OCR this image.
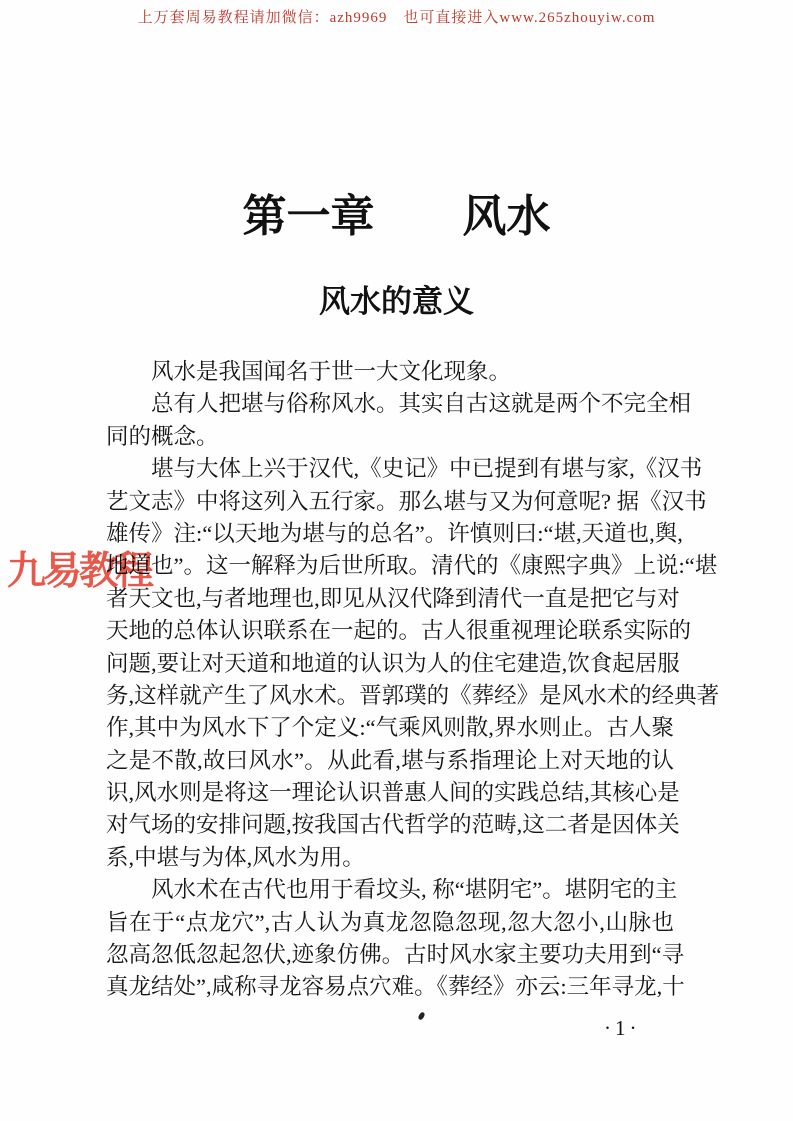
上万套周易教程请加微信：azh9969　也可直接进入www.265zhouyiw.com
第一章　　风水
风水的意义
风水是我国闻名于世一大文化现象。
总有人把堪与俗称风水。其实自古这就是两个不完全相
同的概念。
堪与大体上兴于汉代,《史记》中已提到有堪与家,《汉书
艺文志》中将这列入五行家。那么堪与又为何意呢? 据《汉书
雄传》注:“以天地为堪与的总名”。许慎则曰:“堪,天道也,舆,
地道也”。这一解释为后世所取。清代的《康熙字典》上说:“堪
者天文也,与者地理也,即见从汉代降到清代一直是把它与对
天地的总体认识联系在一起的。古人很重视理论联系实际的
问题,要让对天道和地道的认识为人的住宅建造,饮食起居服
务,这样就产生了风水术。晋郭璞的《葬经》是风水术的经典著
作,其中为风水下了个定义:“气乘风则散,界水则止。古人聚
之是不散,故曰风水”。从此看,堪与系指理论上对天地的认
识,风水则是将这一理论认识普惠人间的实践总结,其核心是
对气场的安排问题,按我国古代哲学的范畴,这二者是因体关
系,中堪与为体,风水为用。
风水术在古代也用于看坟头, 称“堪阴宅”。堪阴宅的主
旨在于“点龙穴”,古人认为真龙忽隐忽现,忽大忽小,山脉也
忽高忽低忽起忽伏,迹象仿佛。古时风水家主要功夫用到“寻
真龙结处”,咸称寻龙容易点穴难。《葬经》亦云:三年寻龙,十
九易教程
·1·
